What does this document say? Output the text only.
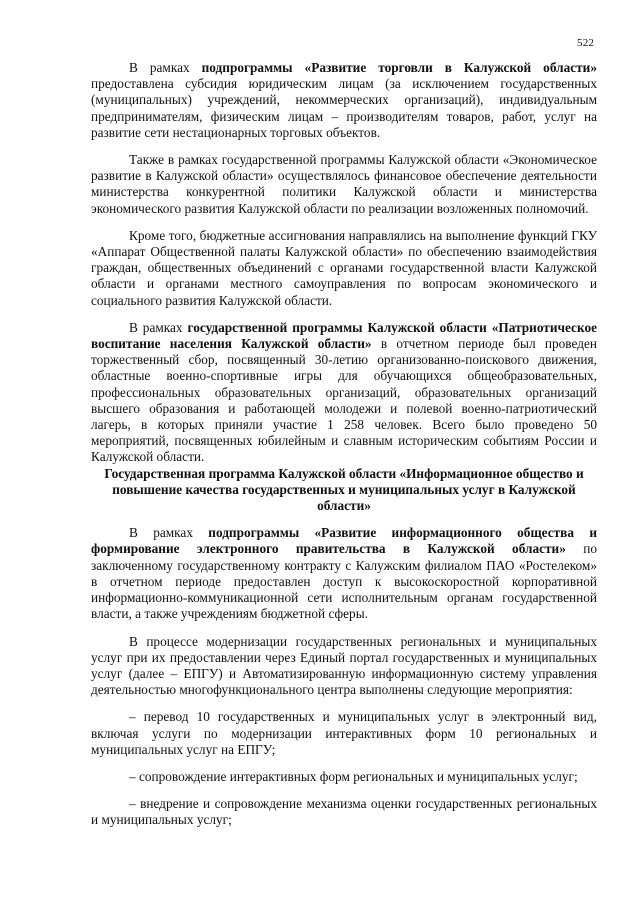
522

В рамках подпрограммы «Развитие торговли в Калужской области» предоставлена субсидия юридическим лицам (за исключением государственных (муниципальных) учреждений, некоммерческих организаций), индивидуальным предпринимателям, физическим лицам – производителям товаров, работ, услуг на развитие сети нестационарных торговых объектов.

Также в рамках государственной программы Калужской области «Экономическое развитие в Калужской области» осуществлялось финансовое обеспечение деятельности министерства конкурентной политики Калужской области и министерства экономического развития Калужской области по реализации возложенных полномочий.

Кроме того, бюджетные ассигнования направлялись на выполнение функций ГКУ «Аппарат Общественной палаты Калужской области» по обеспечению взаимодействия граждан, общественных объединений с органами государственной власти Калужской области и органами местного самоуправления по вопросам экономического и социального развития Калужской области.

В рамках государственной программы Калужской области «Патриотическое воспитание населения Калужской области» в отчетном периоде был проведен торжественный сбор, посвященный 30-летию организованно-поискового движения, областные военно-спортивные игры для обучающихся общеобразовательных, профессиональных образовательных организаций, образовательных организаций высшего образования и работающей молодежи и полевой военно-патриотический лагерь, в которых приняли участие 1 258 человек. Всего было проведено 50 мероприятий, посвященных юбилейным и славным историческим событиям России и Калужской области.

Государственная программа Калужской области «Информационное общество и повышение качества государственных и муниципальных услуг в Калужской области»

В рамках подпрограммы «Развитие информационного общества и формирование электронного правительства в Калужской области» по заключенному государственному контракту с Калужским филиалом ПАО «Ростелеком» в отчетном периоде предоставлен доступ к высокоскоростной корпоративной информационно-коммуникационной сети исполнительным органам государственной власти, а также учреждениям бюджетной сферы.

В процессе модернизации государственных региональных и муниципальных услуг при их предоставлении через Единый портал государственных и муниципальных услуг (далее – ЕПГУ) и Автоматизированную информационную систему управления деятельностью многофункционального центра выполнены следующие мероприятия:

– перевод 10 государственных и муниципальных услуг в электронный вид, включая услуги по модернизации интерактивных форм 10 региональных и муниципальных услуг на ЕПГУ;

– сопровождение интерактивных форм региональных и муниципальных услуг;

– внедрение и сопровождение механизма оценки государственных региональных и муниципальных услуг;
